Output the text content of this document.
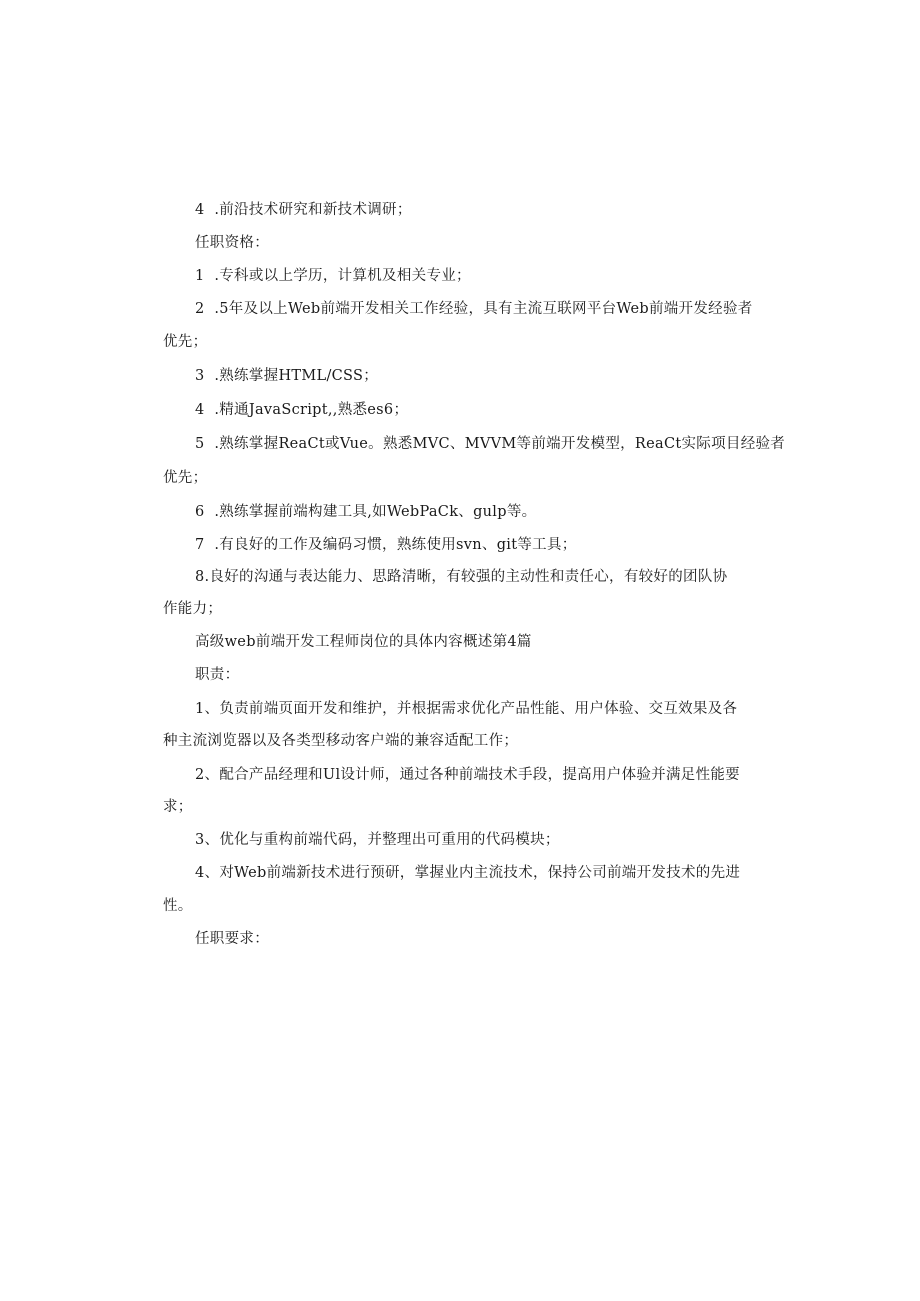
4  .前沿技术研究和新技术调研；
任职资格：
1  .专科或以上学历，计算机及相关专业；
2  .5年及以上Web前端开发相关工作经验，具有主流互联网平台Web前端开发经验者
优先；
3  .熟练掌握HTML/CSS；
4  .精通JavaScript,,熟悉es6；
5  .熟练掌握ReaCt或Vue。熟悉MVC、MVVM等前端开发模型，ReaCt实际项目经验者
优先；
6  .熟练掌握前端构建工具,如WebPaCk、gulp等。
7  .有良好的工作及编码习惯，熟练使用svn、git等工具；
8.良好的沟通与表达能力、思路清晰，有较强的主动性和责任心，有较好的团队协
作能力；
高级web前端开发工程师岗位的具体内容概述第4篇
职责：
1、负责前端页面开发和维护，并根据需求优化产品性能、用户体验、交互效果及各
种主流浏览器以及各类型移动客户端的兼容适配工作；
2、配合产品经理和Ul设计师，通过各种前端技术手段，提高用户体验并满足性能要
求；
3、优化与重构前端代码，并整理出可重用的代码模块；
4、对Web前端新技术进行预研，掌握业内主流技术，保持公司前端开发技术的先进
性。
任职要求：
